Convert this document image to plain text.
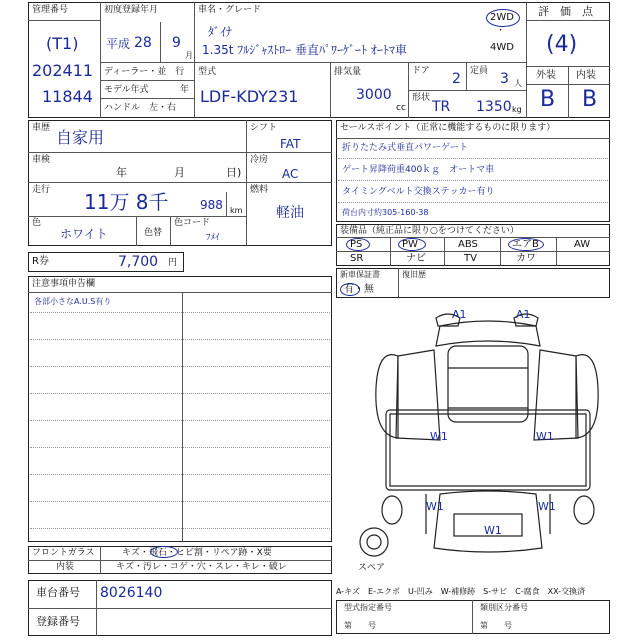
管理番号
(T1)
202411
11844
初度登録年月
平成 28 9
月
車名・グレード
ﾀﾞｲﾅ
1.35t ﾌﾙｼﾞｬｽﾄﾛｰ 垂直ﾊﾟﾜｰｹﾞｰﾄ ｵｰﾄﾏ車
2WD
・
4WD
評　価　点
(4)
外装 内装
B B
ディーラー・並　行
モデル年式	年
ハンドル　左・右
型式
LDF-KDY231
排気量
3000
cc
ドア 2 定員 3 人
形状
TR 1350 kg
車歴 自家用
車検
年	月	日)
走行 11万 8千	988 km
色
ホワイト	色替
色コード
ﾌﾒｲ
シフト
FAT
冷房
AC
燃料
軽油
R券	7,700 円
セールスポイント（正常に機能するものに限ります）
折りたたみ式垂直パワーゲート
ゲート昇降荷重400ｋｇ　オートマ車
タイミングベルト交換ステッカー有り
荷台内寸約305-160-38
装備品（純正品に限り○をつけてください）
PS	PW	ABS	エアB	AW
SR	ナビ	TV	カワ
新車保証書	復旧歴
有・無
注意事項申告欄
各部小さなA.U.S有り
A1	A1
W1	W1
W1	W1
W1
スペア
フロントガラス	キズ・飛石・ヒビ割・リペア跡・X要
内装	キズ・汚レ・コゲ・穴・スレ・キレ・破レ
車台番号 8026140
登録番号
A-キズ　E-エクボ　U-凹み　W-補修跡　S-サビ　C-腐食　XX-交換済
型式指定番号	類別区分番号
第　　号	第　　号
